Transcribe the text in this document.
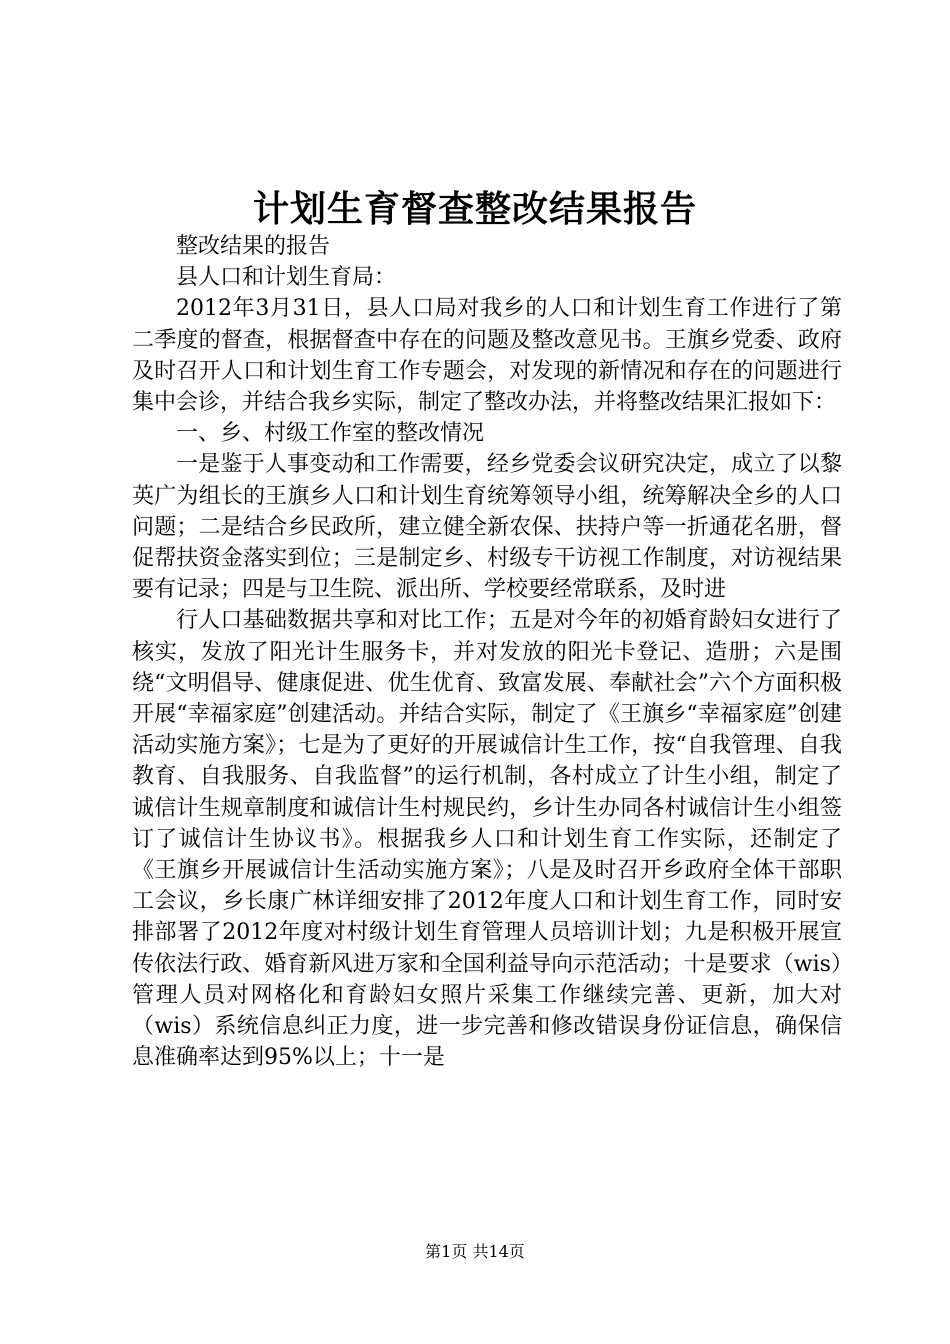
计划生育督查整改结果报告

整改结果的报告

县人口和计划生育局：

2012年3月31日，县人口局对我乡的人口和计划生育工作进行了第二季度的督查，根据督查中存在的问题及整改意见书。王旗乡党委、政府及时召开人口和计划生育工作专题会，对发现的新情况和存在的问题进行集中会诊，并结合我乡实际，制定了整改办法，并将整改结果汇报如下：

一、乡、村级工作室的整改情况

一是鉴于人事变动和工作需要，经乡党委会议研究决定，成立了以黎英广为组长的王旗乡人口和计划生育统筹领导小组，统筹解决全乡的人口问题；二是结合乡民政所，建立健全新农保、扶持户等一折通花名册，督促帮扶资金落实到位；三是制定乡、村级专干访视工作制度，对访视结果要有记录；四是与卫生院、派出所、学校要经常联系，及时进

行人口基础数据共享和对比工作；五是对今年的初婚育龄妇女进行了核实，发放了阳光计生服务卡，并对发放的阳光卡登记、造册；六是围绕“文明倡导、健康促进、优生优育、致富发展、奉献社会”六个方面积极开展“幸福家庭”创建活动。并结合实际，制定了《王旗乡“幸福家庭”创建活动实施方案》；七是为了更好的开展诚信计生工作，按“自我管理、自我教育、自我服务、自我监督”的运行机制，各村成立了计生小组，制定了诚信计生规章制度和诚信计生村规民约，乡计生办同各村诚信计生小组签订了诚信计生协议书》。根据我乡人口和计划生育工作实际，还制定了《王旗乡开展诚信计生活动实施方案》；八是及时召开乡政府全体干部职工会议，乡长康广林详细安排了2012年度人口和计划生育工作，同时安排部署了2012年度对村级计划生育管理人员培训计划；九是积极开展宣传依法行政、婚育新风进万家和全国利益导向示范活动；十是要求（wis）管理人员对网格化和育龄妇女照片采集工作继续完善、更新，加大对（wis）系统信息纠正力度，进一步完善和修改错误身份证信息，确保信息准确率达到95%以上；十一是

第1页 共14页
